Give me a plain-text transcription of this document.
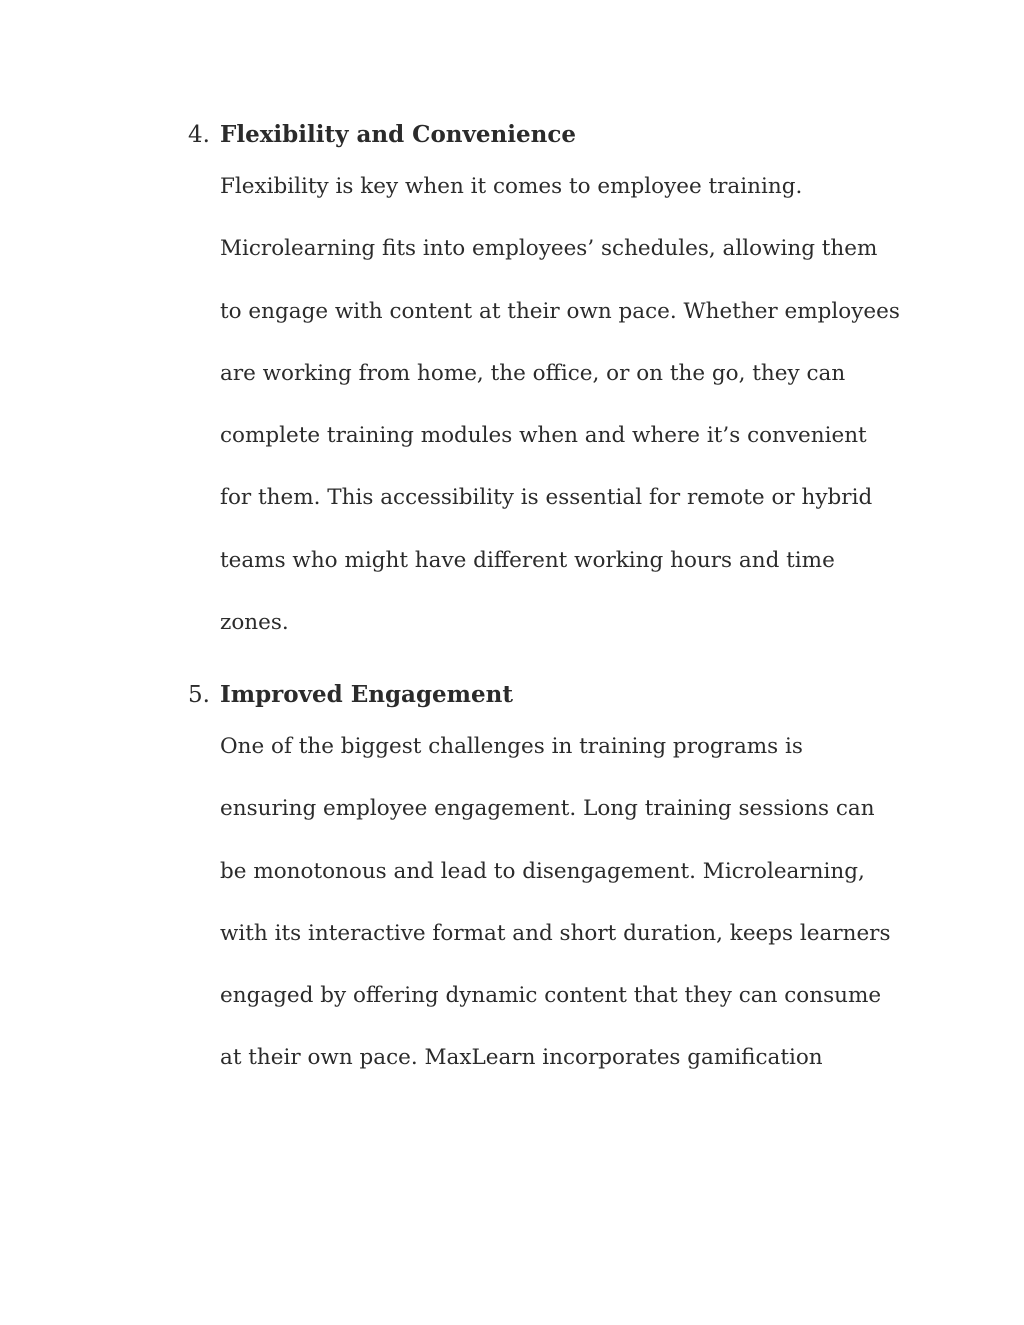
4. Flexibility and Convenience
Flexibility is key when it comes to employee training.
Microlearning fits into employees’ schedules, allowing them
to engage with content at their own pace. Whether employees
are working from home, the office, or on the go, they can
complete training modules when and where it’s convenient
for them. This accessibility is essential for remote or hybrid
teams who might have different working hours and time
zones.
5. Improved Engagement
One of the biggest challenges in training programs is
ensuring employee engagement. Long training sessions can
be monotonous and lead to disengagement. Microlearning,
with its interactive format and short duration, keeps learners
engaged by offering dynamic content that they can consume
at their own pace. MaxLearn incorporates gamification
